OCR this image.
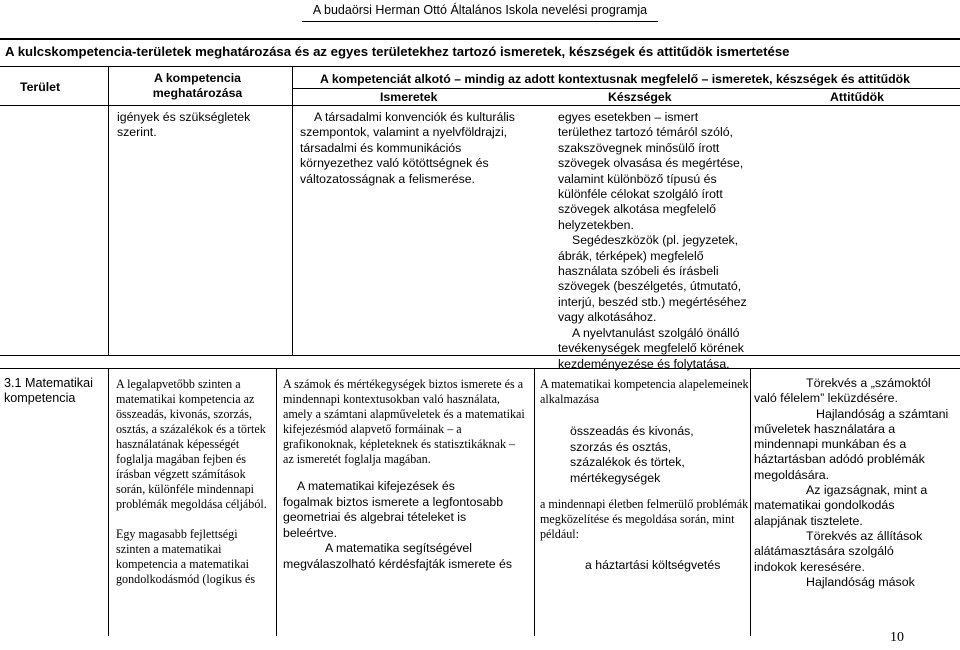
A budaörsi Herman Ottó Általános Iskola nevelési programja
A kulcskompetencia-területek meghatározása és az egyes területekhez tartozó ismeretek, készségek és attitűdök ismertetése
Terület
A kompetencia
meghatározása
A kompetenciát alkotó – mindig az adott kontextusnak megfelelő – ismeretek, készségek és attitűdök
Ismeretek	Készségek	Attitűdök
igények és szükségletek
szerint.
A társadalmi konvenciók és kulturális
szempontok, valamint a nyelvföldrajzi,
társadalmi és kommunikációs
környezethez való kötöttségnek és
változatosságnak a felismerése.
egyes esetekben – ismert
területhez tartozó témáról szóló,
szakszövegnek minősülő írott
szövegek olvasása és megértése,
valamint különböző típusú és
különféle célokat szolgáló írott
szövegek alkotása megfelelő
helyzetekben.
Segédeszközök (pl. jegyzetek,
ábrák, térképek) megfelelő
használata szóbeli és írásbeli
szövegek (beszélgetés, útmutató,
interjú, beszéd stb.) megértéséhez
vagy alkotásához.
A nyelvtanulást szolgáló önálló
tevékenységek megfelelő körének
kezdeményezése és folytatása.
3.1 Matematikai
kompetencia
A legalapvetőbb szinten a
matematikai kompetencia az
összeadás, kivonás, szorzás,
osztás, a százalékok és a törtek
használatának képességét
foglalja magában fejben és
írásban végzett számítások
során, különféle mindennapi
problémák megoldása céljából.
Egy magasabb fejlettségi
szinten a matematikai
kompetencia a matematikai
gondolkodásmód (logikus és
A számok és mértékegységek biztos ismerete és a
mindennapi kontextusokban való használata,
amely a számtani alapműveletek és a matematikai
kifejezésmód alapvető formáinak – a
grafikonoknak, képleteknek és statisztikáknak –
az ismeretét foglalja magában.
A matematikai kifejezések és
fogalmak biztos ismerete a legfontosabb
geometriai és algebrai tételeket is
beleértve.
A matematika segítségével
megválaszolható kérdésfajták ismerete és
A matematikai kompetencia alapelemeinek
alkalmazása
összeadás és kivonás,
szorzás és osztás,
százalékok és törtek,
mértékegységek
a mindennapi életben felmerülő problémák
megközelítése és megoldása során, mint
például:
a háztartási költségvetés
Törekvés a „számoktól
való félelem” leküzdésére.
Hajlandóság a számtani
műveletek használatára a
mindennapi munkában és a
háztartásban adódó problémák
megoldására.
Az igazságnak, mint a
matematikai gondolkodás
alapjának tisztelete.
Törekvés az állítások
alátámasztására szolgáló
indokok keresésére.
Hajlandóság mások
10
